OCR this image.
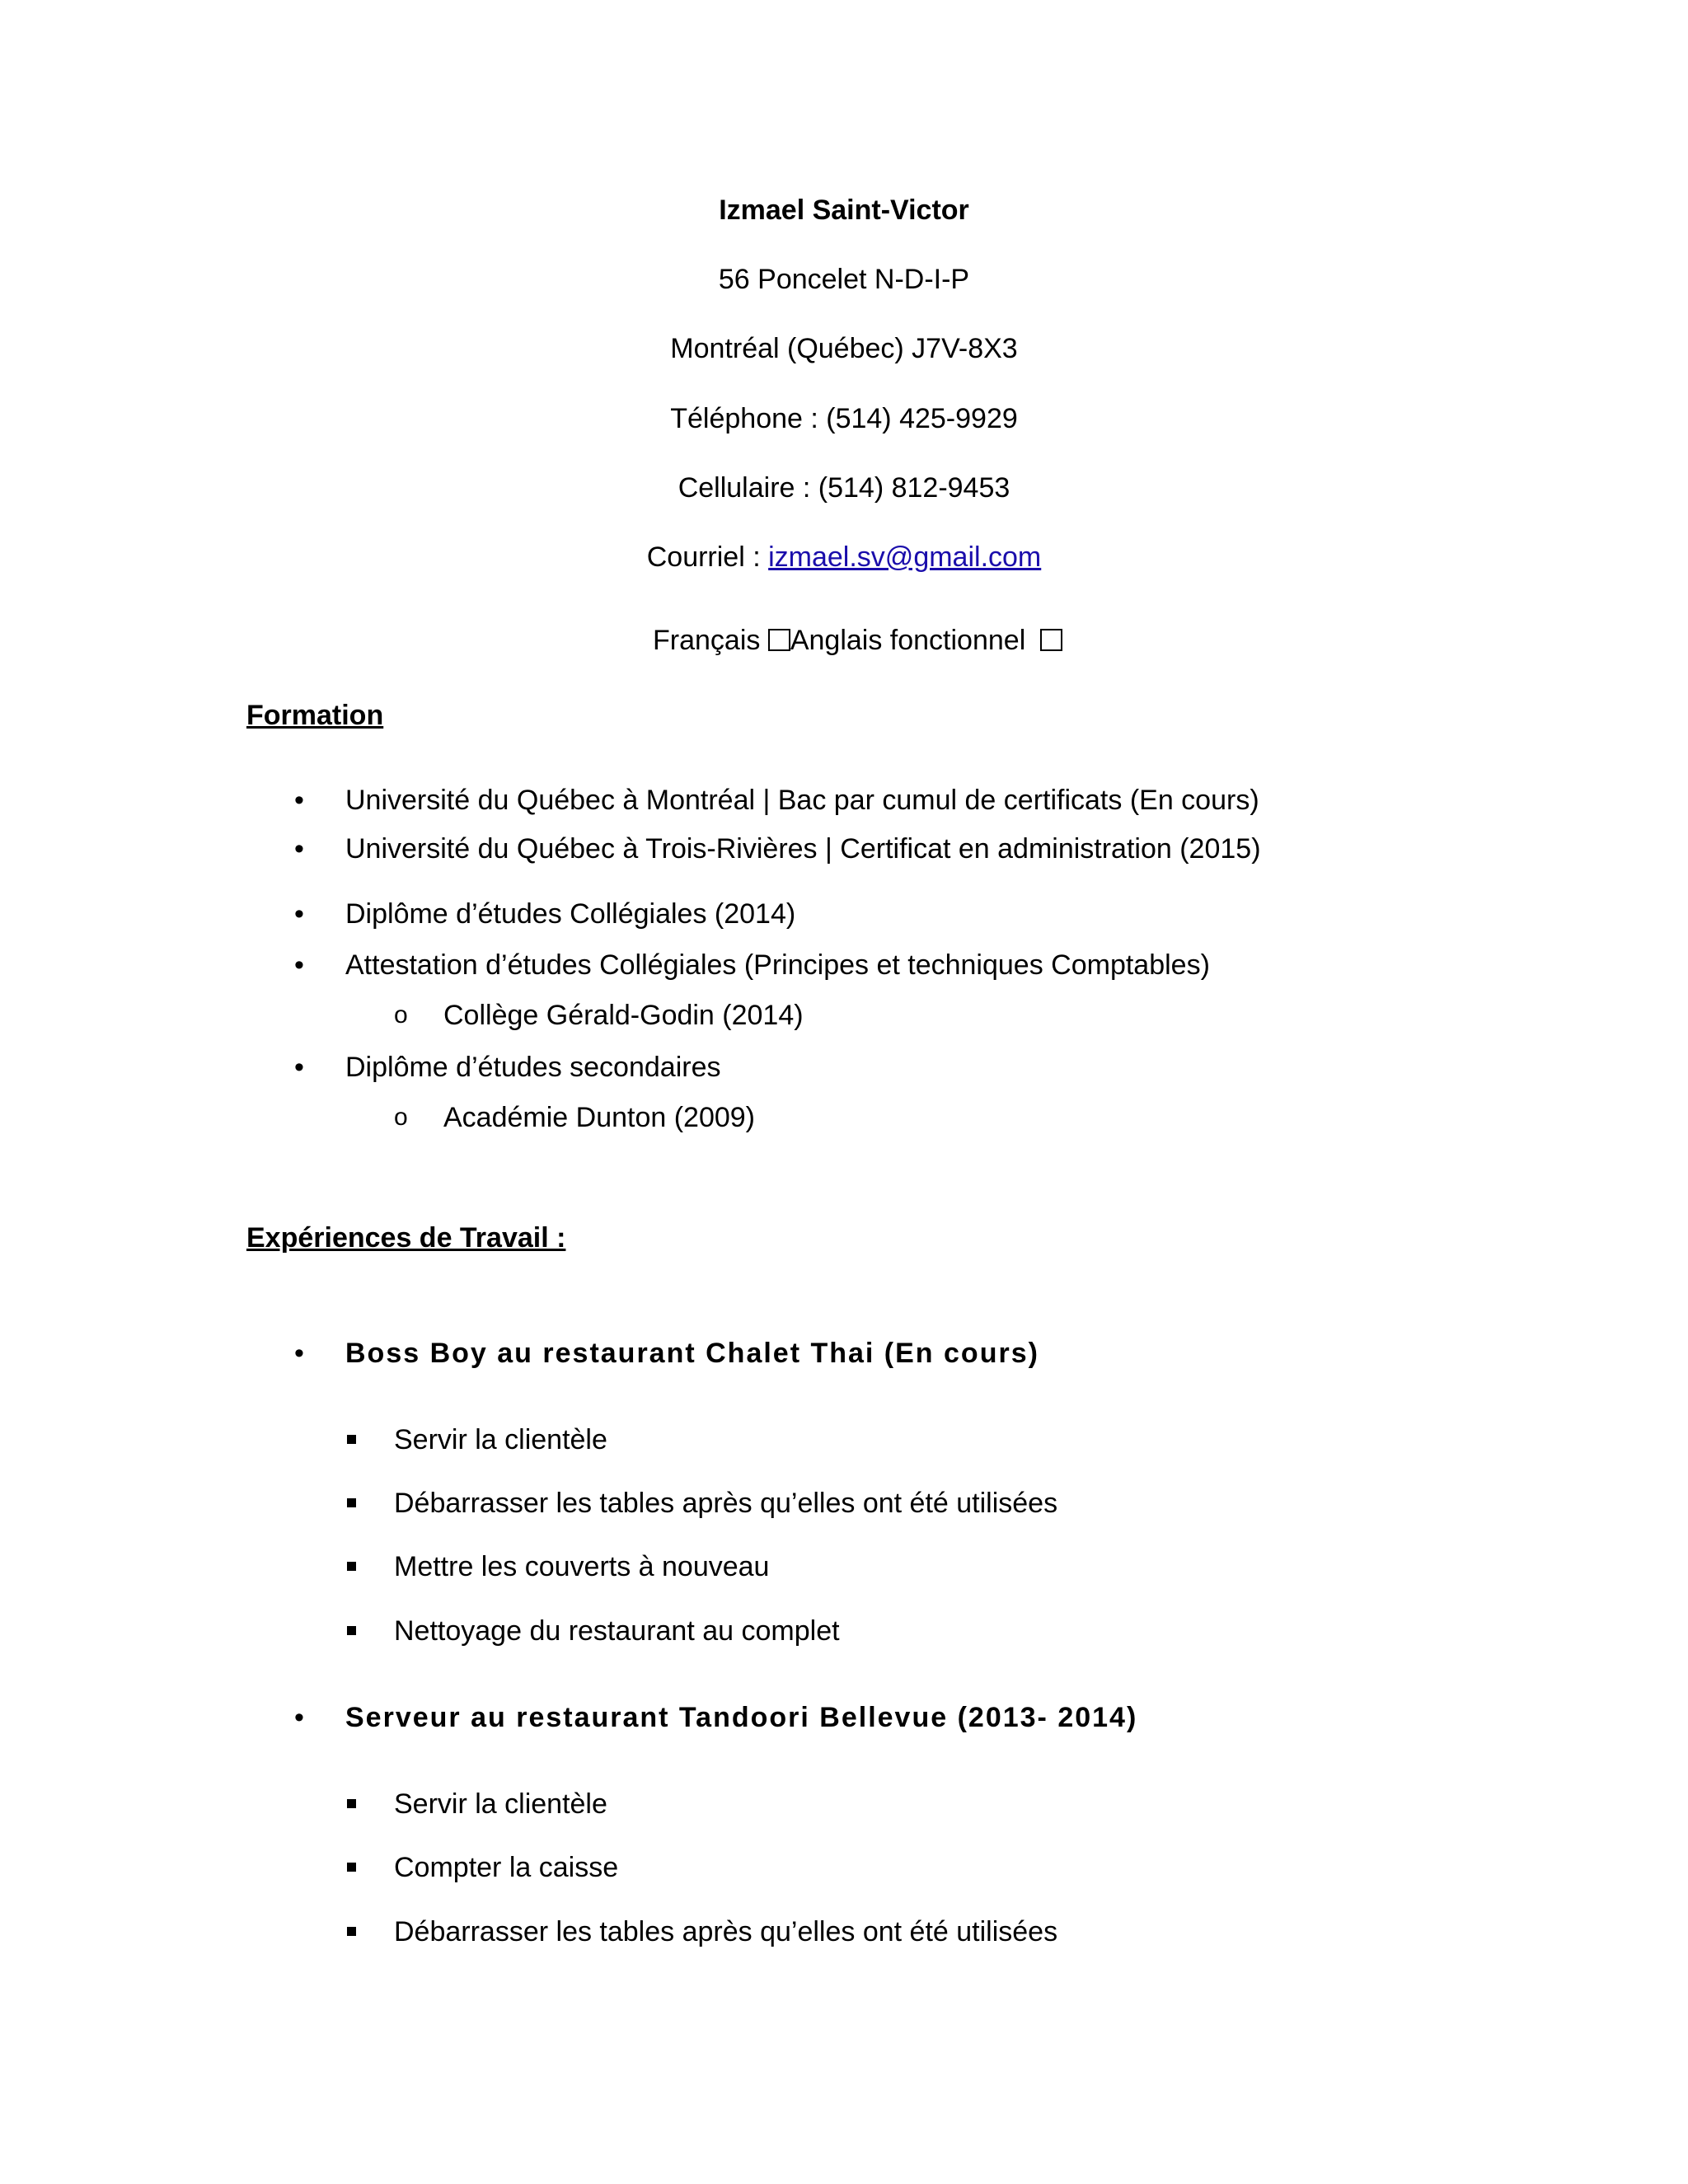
Izmael Saint-Victor
56 Poncelet N-D-I-P
Montréal (Québec) J7V-8X3
Téléphone : (514) 425-9929
Cellulaire : (514) 812-9453
Courriel : izmael.sv@gmail.com
Français Anglais fonctionnel
Formation
• Université du Québec à Montréal | Bac par cumul de certificats (En cours)
• Université du Québec à Trois-Rivières | Certificat en administration (2015)
• Diplôme d’études Collégiales (2014)
• Attestation d’études Collégiales (Principes et techniques Comptables)
o Collège Gérald-Godin (2014)
• Diplôme d’études secondaires
o Académie Dunton (2009)
Expériences de Travail :
• Boss Boy au restaurant Chalet Thai (En cours)
Servir la clientèle
Débarrasser les tables après qu’elles ont été utilisées
Mettre les couverts à nouveau
Nettoyage du restaurant au complet
• Serveur au restaurant Tandoori Bellevue (2013- 2014)
Servir la clientèle
Compter la caisse
Débarrasser les tables après qu’elles ont été utilisées
